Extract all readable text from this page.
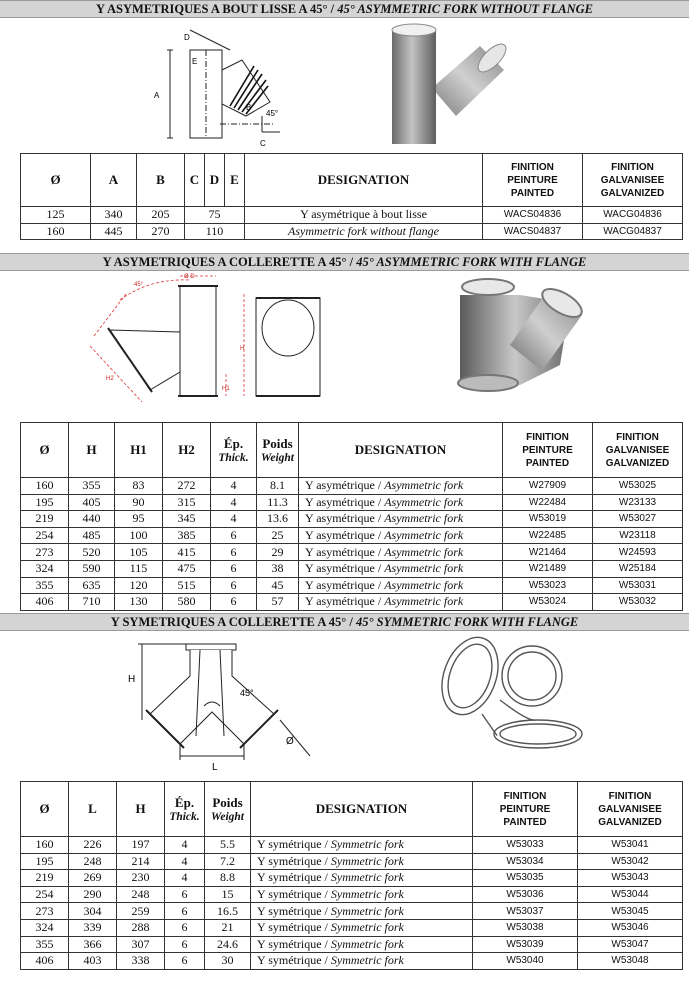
Y ASYMETRIQUES A BOUT LISSE A 45° / 45° ASYMMETRIC FORK WITHOUT FLANGE
D
E
A
B
C
45°
Ø	A	B	C	D	E	DESIGNATION	FINITION
PEINTURE
PAINTED	FINITION
GALVANISEE
GALVANIZED

125	340	205	75			Y asymétrique à bout lisse	WACS04836	WACG04836
160	445	270	110			Asymmetric fork without flange	WACS04837	WACG04837
Y ASYMETRIQUES A COLLERETTE A 45° / 45° ASYMMETRIC FORK WITH FLANGE
45°
Ø D
H
H1
H2
Ø	H	H1	H2	Ép.
Thick.	Poids
Weight	DESIGNATION	FINITION
PEINTURE
PAINTED	FINITION
GALVANISEE
GALVANIZED

160	355	83	272	4	8.1	Y asymétrique / Asymmetric fork	W27909	W53025
195	405	90	315	4	11.3	Y asymétrique / Asymmetric fork	W22484	W23133
219	440	95	345	4	13.6	Y asymétrique / Asymmetric fork	W53019	W53027
254	485	100	385	6	25	Y asymétrique / Asymmetric fork	W22485	W23118
273	520	105	415	6	29	Y asymétrique / Asymmetric fork	W21464	W24593
324	590	115	475	6	38	Y asymétrique / Asymmetric fork	W21489	W25184
355	635	120	515	6	45	Y asymétrique / Asymmetric fork	W53023	W53031
406	710	130	580	6	57	Y asymétrique / Asymmetric fork	W53024	W53032
Y SYMETRIQUES A COLLERETTE A 45° / 45° SYMMETRIC FORK WITH FLANGE
H
45°
L
Ø
Ø	L	H	Ép.
Thick.	Poids
Weight	DESIGNATION	FINITION
PEINTURE
PAINTED	FINITION
GALVANISEE
GALVANIZED

160	226	197	4	5.5	Y symétrique / Symmetric fork	W53033	W53041
195	248	214	4	7.2	Y symétrique / Symmetric fork	W53034	W53042
219	269	230	4	8.8	Y symétrique / Symmetric fork	W53035	W53043
254	290	248	6	15	Y symétrique / Symmetric fork	W53036	W53044
273	304	259	6	16.5	Y symétrique / Symmetric fork	W53037	W53045
324	339	288	6	21	Y symétrique / Symmetric fork	W53038	W53046
355	366	307	6	24.6	Y symétrique / Symmetric fork	W53039	W53047
406	403	338	6	30	Y symétrique / Symmetric fork	W53040	W53048
